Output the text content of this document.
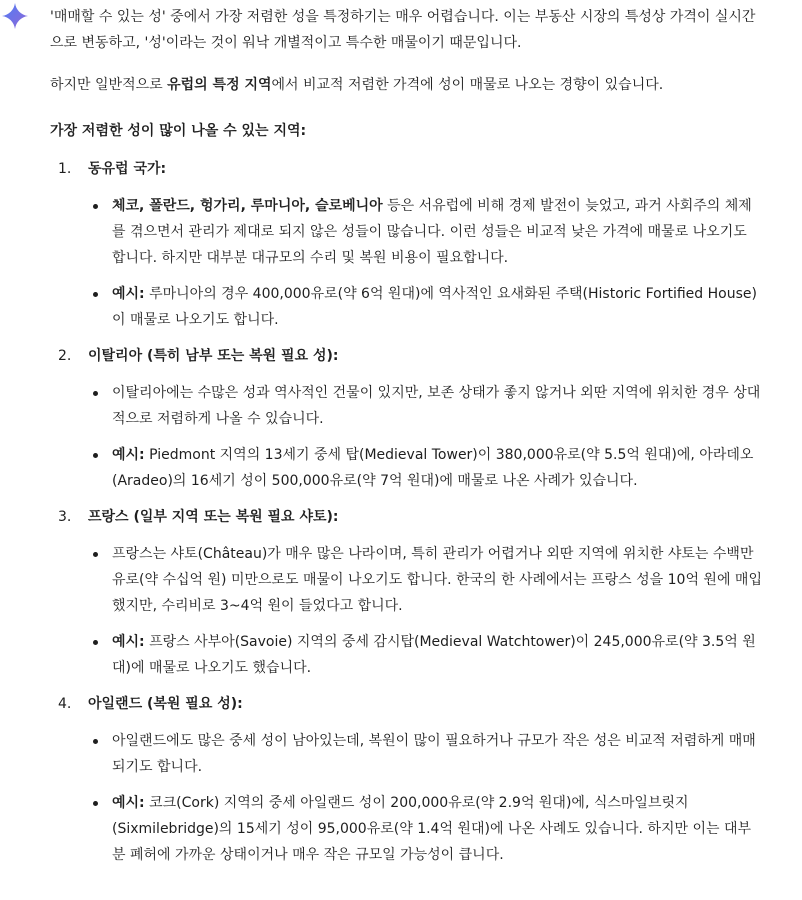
'매매할 수 있는 성' 중에서 가장 저렴한 성을 특정하기는 매우 어렵습니다. 이는 부동산 시장의 특성상 가격이 실시간으로 변동하고, '성'이라는 것이 워낙 개별적이고 특수한 매물이기 때문입니다.

하지만 일반적으로 유럽의 특정 지역에서 비교적 저렴한 가격에 성이 매물로 나오는 경향이 있습니다.

가장 저렴한 성이 많이 나올 수 있는 지역:

1. 동유럽 국가:
체코, 폴란드, 헝가리, 루마니아, 슬로베니아 등은 서유럽에 비해 경제 발전이 늦었고, 과거 사회주의 체제를 겪으면서 관리가 제대로 되지 않은 성들이 많습니다. 이런 성들은 비교적 낮은 가격에 매물로 나오기도 합니다. 하지만 대부분 대규모의 수리 및 복원 비용이 필요합니다.
예시: 루마니아의 경우 400,000유로(약 6억 원대)에 역사적인 요새화된 주택(Historic Fortified House)이 매물로 나오기도 합니다.
2. 이탈리아 (특히 남부 또는 복원 필요 성):
이탈리아에는 수많은 성과 역사적인 건물이 있지만, 보존 상태가 좋지 않거나 외딴 지역에 위치한 경우 상대적으로 저렴하게 나올 수 있습니다.
예시: Piedmont 지역의 13세기 중세 탑(Medieval Tower)이 380,000유로(약 5.5억 원대)에, 아라데오(Aradeo)의 16세기 성이 500,000유로(약 7억 원대)에 매물로 나온 사례가 있습니다.
3. 프랑스 (일부 지역 또는 복원 필요 샤토):
프랑스는 샤토(Château)가 매우 많은 나라이며, 특히 관리가 어렵거나 외딴 지역에 위치한 샤토는 수백만 유로(약 수십억 원) 미만으로도 매물이 나오기도 합니다. 한국의 한 사례에서는 프랑스 성을 10억 원에 매입했지만, 수리비로 3~4억 원이 들었다고 합니다.
예시: 프랑스 사부아(Savoie) 지역의 중세 감시탑(Medieval Watchtower)이 245,000유로(약 3.5억 원대)에 매물로 나오기도 했습니다.
4. 아일랜드 (복원 필요 성):
아일랜드에도 많은 중세 성이 남아있는데, 복원이 많이 필요하거나 규모가 작은 성은 비교적 저렴하게 매매되기도 합니다.
예시: 코크(Cork) 지역의 중세 아일랜드 성이 200,000유로(약 2.9억 원대)에, 식스마일브릿지(Sixmilebridge)의 15세기 성이 95,000유로(약 1.4억 원대)에 나온 사례도 있습니다. 하지만 이는 대부분 폐허에 가까운 상태이거나 매우 작은 규모일 가능성이 큽니다.
